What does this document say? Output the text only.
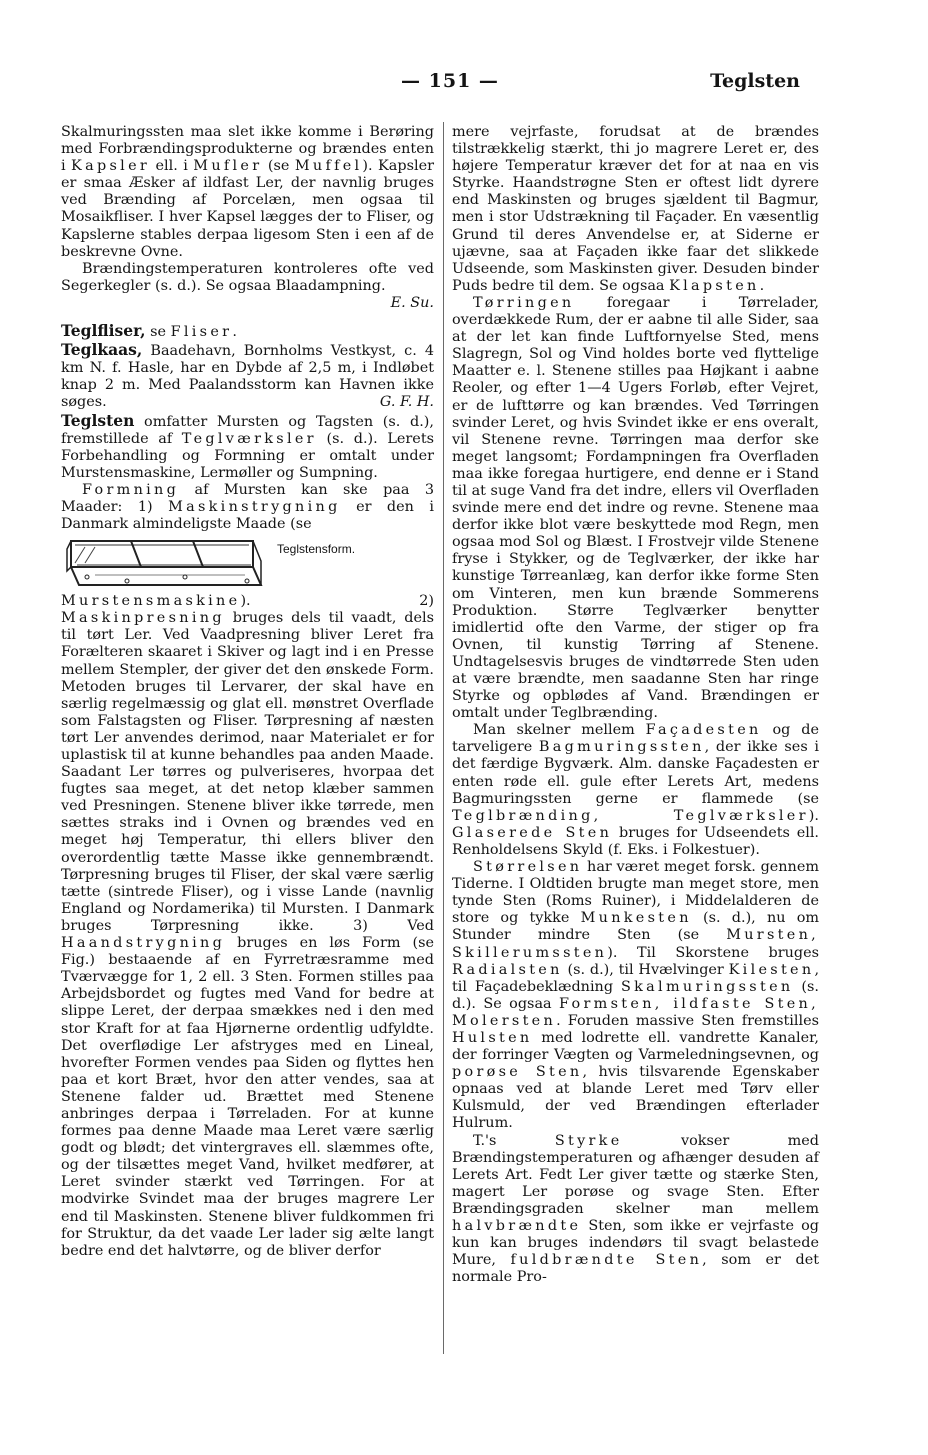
— 151 —	Teglsten

Skalmuringssten maa slet ikke komme i Berøring med Forbrændingsprodukterne og brændes enten i Kapsler ell. i Mufler (se Muffel). Kapsler er smaa Æsker af ildfast Ler, der navnlig bruges ved Brænding af Porcelæn, men ogsaa til Mosaikfliser. I hver Kapsel lægges der to Fliser, og Kapslerne stables derpaa ligesom Sten i een af de beskrevne Ovne.

Brændingstemperaturen kontroleres ofte ved Segerkegler (s. d.). Se ogsaa Blaadampning.

E. Su.

Teglfliser, se Fliser.

Teglkaas, Baadehavn, Bornholms Vestkyst, c. 4 km N. f. Hasle, har en Dybde af 2,5 m, i Indløbet knap 2 m. Med Paalandsstorm kan Havnen ikke søges.	G. F. H.

Teglsten omfatter Mursten og Tagsten (s. d.), fremstillede af Teglværksler (s. d.). Lerets Forbehandling og Formning er omtalt under Murstensmaskine, Lermøller og Sumpning.

Formning af Mursten kan ske paa 3 Maader: 1) Maskinstrygning er den i Danmark almindeligste Maade (se

Teglstensform.
Murstensmaskine). 2) Maskinpresning bruges dels til vaadt, dels til tørt Ler. Ved Vaadpresning bliver Leret fra Forælteren skaaret i Skiver og lagt ind i en Presse mellem Stempler, der giver det den ønskede Form. Metoden bruges til Lervarer, der skal have en særlig regelmæssig og glat ell. mønstret Overflade som Falstagsten og Fliser. Tørpresning af næsten tørt Ler anvendes derimod, naar Materialet er for uplastisk til at kunne behandles paa anden Maade. Saadant Ler tørres og pulveriseres, hvorpaa det fugtes saa meget, at det netop klæber sammen ved Presningen. Stenene bliver ikke tørrede, men sættes straks ind i Ovnen og brændes ved en meget høj Temperatur, thi ellers bliver den overordentlig tætte Masse ikke gennembrændt. Tørpresning bruges til Fliser, der skal være særlig tætte (sintrede Fliser), og i visse Lande (navnlig England og Nordamerika) til Mursten. I Danmark bruges Tørpresning ikke. 3) Ved Haandstrygning bruges en løs Form (se Fig.) bestaaende af en Fyrretræsramme med Tværvægge for 1, 2 ell. 3 Sten. Formen stilles paa Arbejdsbordet og fugtes med Vand for bedre at slippe Leret, der derpaa smækkes ned i den med stor Kraft for at faa Hjørnerne ordentlig udfyldte. Det overflødige Ler afstryges med en Lineal, hvorefter Formen vendes paa Siden og flyttes hen paa et kort Bræt, hvor den atter vendes, saa at Stenene falder ud. Brættet med Stenene anbringes derpaa i Tørreladen. For at kunne formes paa denne Maade maa Leret være særlig godt og blødt; det vintergraves ell. slæmmes ofte, og der tilsættes meget Vand, hvilket medfører, at Leret svinder stærkt ved Tørringen. For at modvirke Svindet maa der bruges magrere Ler end til Maskinsten. Stenene bliver fuldkommen fri for Struktur, da det vaade Ler lader sig ælte langt bedre end det halvtørre, og de bliver derfor

mere vejrfaste, forudsat at de brændes tilstrækkelig stærkt, thi jo magrere Leret er, des højere Temperatur kræver det for at naa en vis Styrke. Haandstrøgne Sten er oftest lidt dyrere end Maskinsten og bruges sjældent til Bagmur, men i stor Udstrækning til Façader. En væsentlig Grund til deres Anvendelse er, at Siderne er ujævne, saa at Façaden ikke faar det slikkede Udseende, som Maskinsten giver. Desuden binder Puds bedre til dem. Se ogsaa Klapsten.

Tørringen foregaar i Tørrelader, overdækkede Rum, der er aabne til alle Sider, saa at der let kan finde Luftfornyelse Sted, mens Slagregn, Sol og Vind holdes borte ved flyttelige Maatter e. l. Stenene stilles paa Højkant i aabne Reoler, og efter 1—4 Ugers Forløb, efter Vejret, er de lufttørre og kan brændes. Ved Tørringen svinder Leret, og hvis Svindet ikke er ens overalt, vil Stenene revne. Tørringen maa derfor ske meget langsomt; Fordampningen fra Overfladen maa ikke foregaa hurtigere, end denne er i Stand til at suge Vand fra det indre, ellers vil Overfladen svinde mere end det indre og revne. Stenene maa derfor ikke blot være beskyttede mod Regn, men ogsaa mod Sol og Blæst. I Frostvejr vilde Stenene fryse i Stykker, og de Teglværker, der ikke har kunstige Tørreanlæg, kan derfor ikke forme Sten om Vinteren, men kun brænde Sommerens Produktion. Større Teglværker benytter imidlertid ofte den Varme, der stiger op fra Ovnen, til kunstig Tørring af Stenene. Undtagelsesvis bruges de vindtørrede Sten uden at være brændte, men saadanne Sten har ringe Styrke og opblødes af Vand. Brændingen er omtalt under Teglbrænding.

Man skelner mellem Façadesten og de tarveligere Bagmuringssten, der ikke ses i det færdige Bygværk. Alm. danske Façadesten er enten røde ell. gule efter Lerets Art, medens Bagmuringssten gerne er flammede (se Teglbrænding, Teglværksler). Glaserede Sten bruges for Udseendets ell. Renholdelsens Skyld (f. Eks. i Folkestuer).

Størrelsen har været meget forsk. gennem Tiderne. I Oldtiden brugte man meget store, men tynde Sten (Roms Ruiner), i Middelalderen de store og tykke Munkesten (s. d.), nu om Stunder mindre Sten (se Mursten, Skillerumssten). Til Skorstene bruges Radialsten (s. d.), til Hvælvinger Kilesten, til Façadebeklædning Skalmuringssten (s. d.). Se ogsaa Formsten, ildfaste Sten, Molersten. Foruden massive Sten fremstilles Hulsten med lodrette ell. vandrette Kanaler, der forringer Vægten og Varmeledningsevnen, og porøse Sten, hvis tilsvarende Egenskaber opnaas ved at blande Leret med Tørv eller Kulsmuld, der ved Brændingen efterlader Hulrum.

T.'s	Styrke	vokser med Brændingstemperaturen og afhænger desuden af Lerets Art. Fedt Ler giver tætte og stærke Sten, magert Ler porøse og svage Sten. Efter Brændingsgraden skelner man mellem halvbrændte Sten, som ikke er vejrfaste og kun kan bruges indendørs til svagt belastede Mure, fuldbrændte Sten, som er det normale Pro-
